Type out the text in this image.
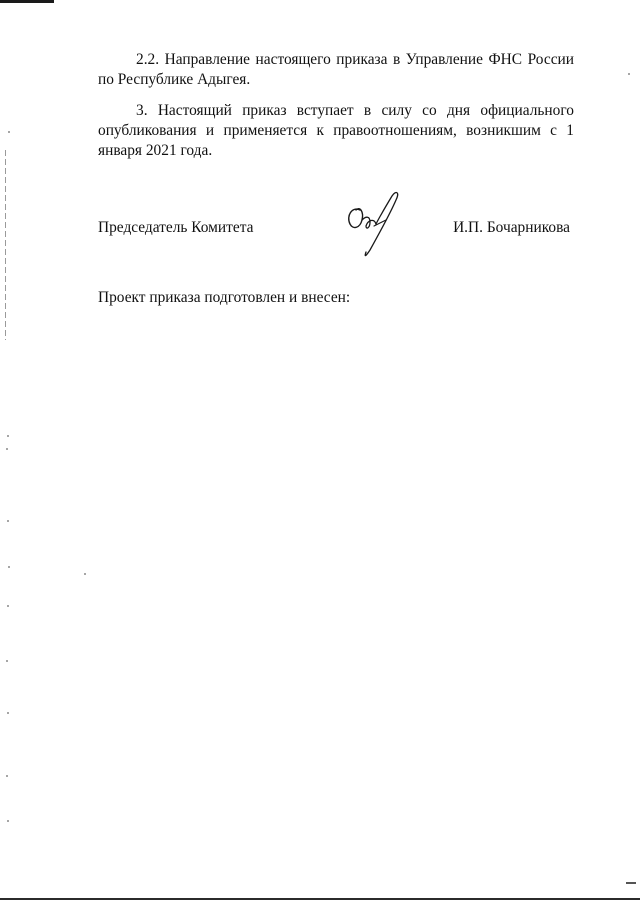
2.2. Направление настоящего приказа в Управление ФНС России по Республике Адыгея.

3. Настоящий приказ вступает в силу со дня официального опубликования и применяется к правоотношениям, возникшим с 1 января 2021 года.

Председатель Комитета	И.П. Бочарникова
Проект приказа подготовлен и внесен:
